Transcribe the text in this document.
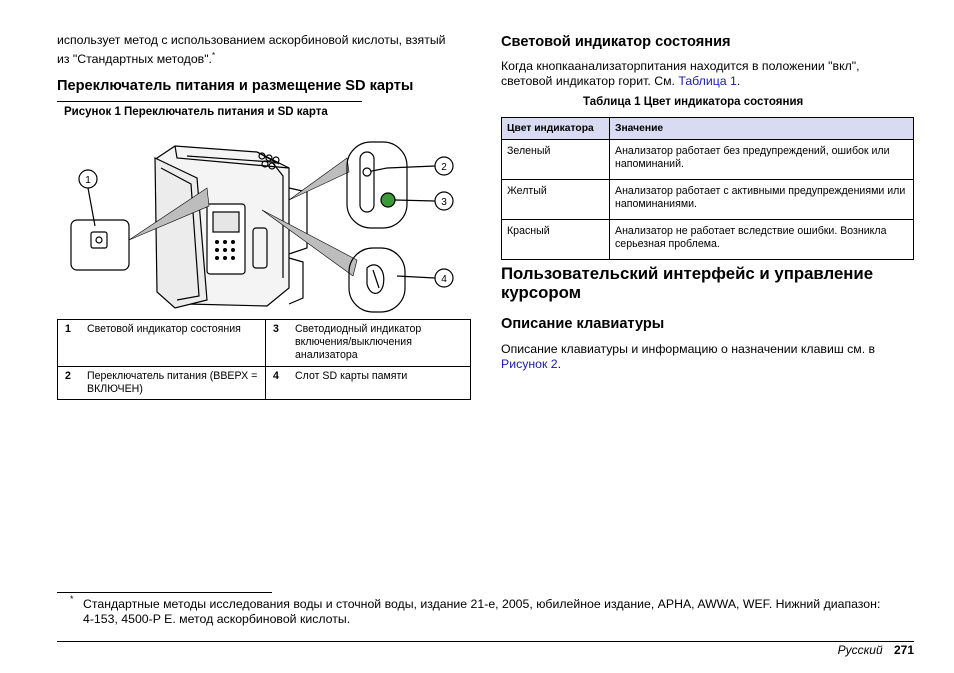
использует метод с использованием аскорбиновой кислоты, взятый
из "Стандартных методов".*
Переключатель питания и размещение SD карты
Рисунок 1 Переключатель питания и SD карта
1
2
3
4
1 Световой индикатор состояния	3 Светодиодный индикатор включения/выключения анализатора

2 Переключатель питания (ВВЕРХ = ВКЛЮЧЕН)	4 Слот SD карты памяти
Световой индикатор состояния
Когда кнопкаанализаторпитания находится в положении "вкл", световой индикатор горит. См. Таблица 1.
Таблица 1 Цвет индикатора состояния
Цвет индикатора	Значение
Зеленый	Анализатор работает без предупреждений, ошибок или напоминаний.
Желтый	Анализатор работает с активными предупреждениями или напоминаниями.
Красный	Анализатор не работает вследствие ошибки. Возникла серьезная проблема.
Пользовательский интерфейс и управление курсором
Описание клавиатуры
Описание клавиатуры и информацию о назначении клавиш см. в Рисунок 2.
* Стандартные методы исследования воды и сточной воды, издание 21-е, 2005, юбилейное издание, APHA, AWWA, WEF. Нижний диапазон: 4-153, 4500-P E. метод аскорбиновой кислоты.
Русский 271
